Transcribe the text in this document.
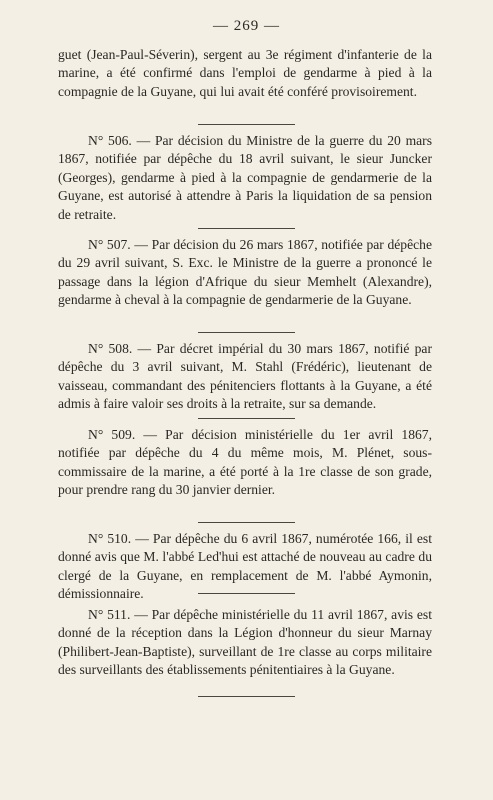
— 269 —

guet (Jean-Paul-Séverin), sergent au 3e régiment d'infanterie de la marine, a été confirmé dans l'emploi de gendarme à pied à la compagnie de la Guyane, qui lui avait été conféré provisoirement.

N° 506. — Par décision du Ministre de la guerre du 20 mars 1867, notifiée par dépêche du 18 avril suivant, le sieur Juncker (Georges), gendarme à pied à la compagnie de gendarmerie de la Guyane, est autorisé à attendre à Paris la liquidation de sa pension de retraite.

N° 507. — Par décision du 26 mars 1867, notifiée par dépêche du 29 avril suivant, S. Exc. le Ministre de la guerre a prononcé le passage dans la légion d'Afrique du sieur Memhelt (Alexandre), gendarme à cheval à la compagnie de gendarmerie de la Guyane.

N° 508. — Par décret impérial du 30 mars 1867, notifié par dépêche du 3 avril suivant, M. Stahl (Frédéric), lieutenant de vaisseau, commandant des pénitenciers flottants à la Guyane, a été admis à faire valoir ses droits à la retraite, sur sa demande.

N° 509. — Par décision ministérielle du 1er avril 1867, notifiée par dépêche du 4 du même mois, M. Plénet, sous-commissaire de la marine, a été porté à la 1re classe de son grade, pour prendre rang du 30 janvier dernier.

N° 510. — Par dépêche du 6 avril 1867, numérotée 166, il est donné avis que M. l'abbé Led'hui est attaché de nouveau au cadre du clergé de la Guyane, en remplacement de M. l'abbé Aymonin, démissionnaire.

N° 511. — Par dépêche ministérielle du 11 avril 1867, avis est donné de la réception dans la Légion d'honneur du sieur Marnay (Philibert-Jean-Baptiste), surveillant de 1re classe au corps militaire des surveillants des établissements pénitentiaires à la Guyane.
